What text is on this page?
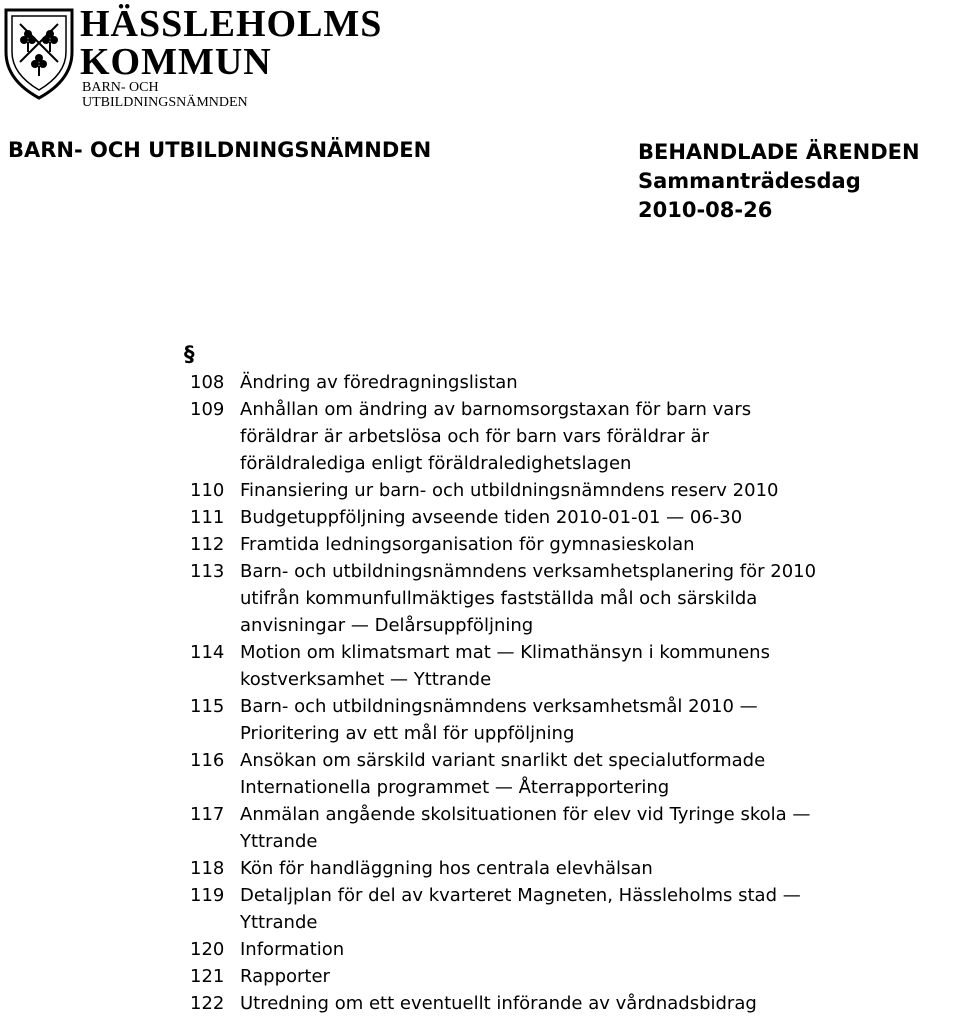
HÄSSLEHOLMS
KOMMUN
BARN- OCH
UTBILDNINGSNÄMNDEN
BARN- OCH UTBILDNINGSNÄMNDEN	BEHANDLADE ÄRENDEN
Sammanträdesdag
2010-08-26
§
108 Ändring av föredragningslistan
109 Anhållan om ändring av barnomsorgstaxan för barn vars
föräldrar är arbetslösa och för barn vars föräldrar är
föräldralediga enligt föräldraledighetslagen
110 Finansiering ur barn- och utbildningsnämndens reserv 2010
111 Budgetuppföljning avseende tiden 2010-01-01 — 06-30
112 Framtida ledningsorganisation för gymnasieskolan
113 Barn- och utbildningsnämndens verksamhetsplanering för 2010
utifrån kommunfullmäktiges fastställda mål och särskilda
anvisningar — Delårsuppföljning
114 Motion om klimatsmart mat — Klimathänsyn i kommunens
kostverksamhet — Yttrande
115 Barn- och utbildningsnämndens verksamhetsmål 2010 —
Prioritering av ett mål för uppföljning
116 Ansökan om särskild variant snarlikt det specialutformade
Internationella programmet — Återrapportering
117 Anmälan angående skolsituationen för elev vid Tyringe skola —
Yttrande
118 Kön för handläggning hos centrala elevhälsan
119 Detaljplan för del av kvarteret Magneten, Hässleholms stad —
Yttrande
120 Information
121 Rapporter
122 Utredning om ett eventuellt införande av vårdnadsbidrag
